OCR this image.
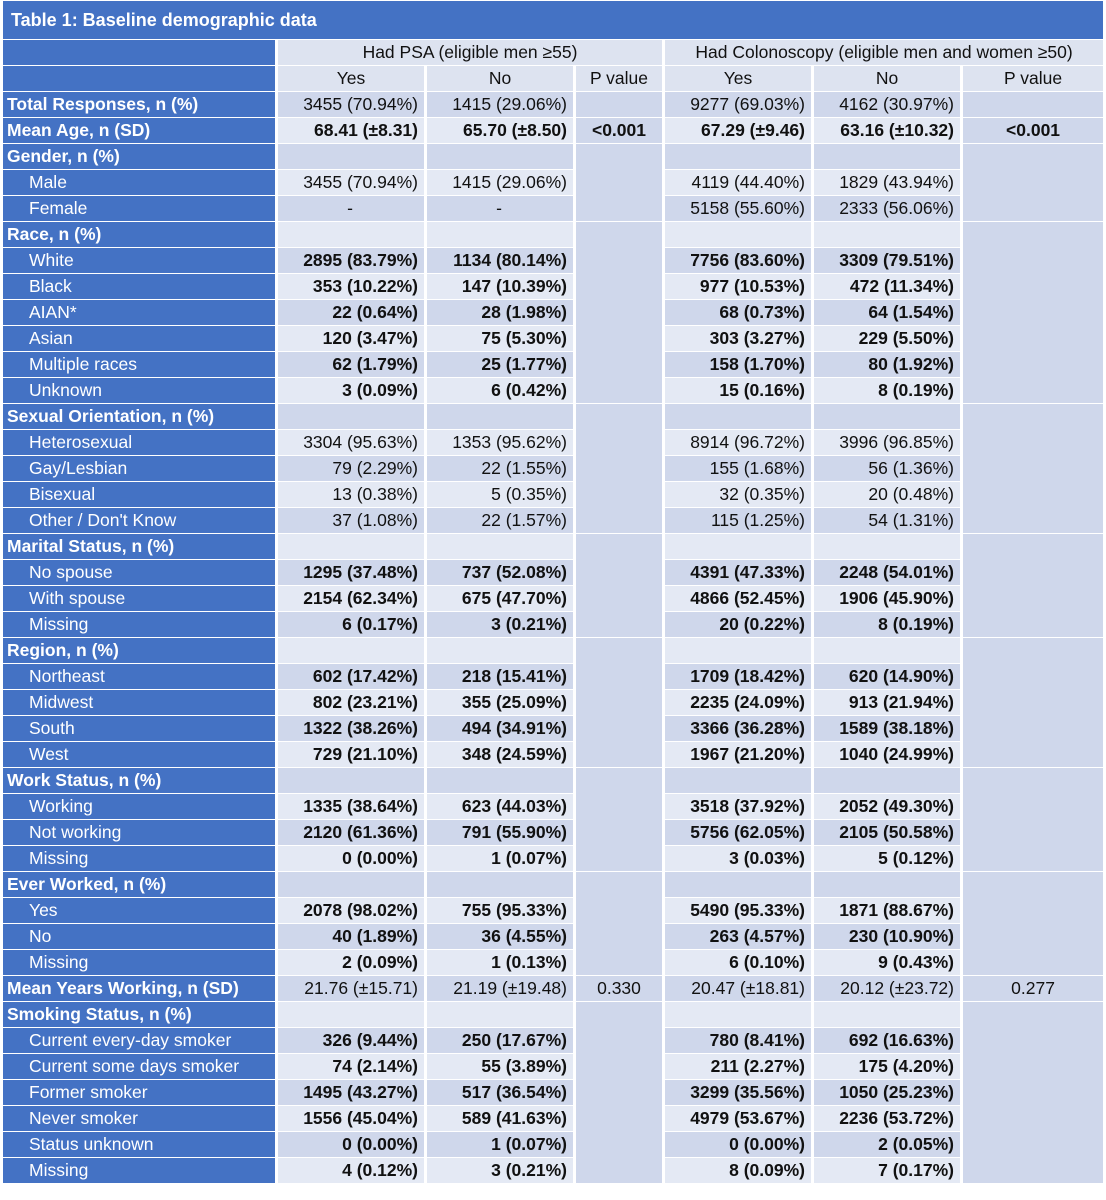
Table 1: Baseline demographic data						
	Had PSA (eligible men ≥55)			Had Colonoscopy (eligible men and women ≥50)		
	Yes	No	P value	Yes	No	P value
Total Responses, n (%)	3455 (70.94%)	1415 (29.06%)		9277 (69.03%)	4162 (30.97%)	
Mean Age, n (SD)	68.41 (±8.31)	65.70 (±8.50)	<0.001	67.29 (±9.46)	63.16 (±10.32)	<0.001
Gender, n (%)						
Male	3455 (70.94%)	1415 (29.06%)		4119 (44.40%)	1829 (43.94%)	
Female	-	-		5158 (55.60%)	2333 (56.06%)	
Race, n (%)						
White	2895 (83.79%)	1134 (80.14%)		7756 (83.60%)	3309 (79.51%)	
Black	353 (10.22%)	147 (10.39%)		977 (10.53%)	472 (11.34%)	
AIAN*	22 (0.64%)	28 (1.98%)		68 (0.73%)	64 (1.54%)	
Asian	120 (3.47%)	75 (5.30%)		303 (3.27%)	229 (5.50%)	
Multiple races	62 (1.79%)	25 (1.77%)		158 (1.70%)	80 (1.92%)	
Unknown	3 (0.09%)	6 (0.42%)		15 (0.16%)	8 (0.19%)	
Sexual Orientation, n (%)						
Heterosexual	3304 (95.63%)	1353 (95.62%)		8914 (96.72%)	3996 (96.85%)	
Gay/Lesbian	79 (2.29%)	22 (1.55%)		155 (1.68%)	56 (1.36%)	
Bisexual	13 (0.38%)	5 (0.35%)		32 (0.35%)	20 (0.48%)	
Other / Don't Know	37 (1.08%)	22 (1.57%)		115 (1.25%)	54 (1.31%)	
Marital Status, n (%)						
No spouse	1295 (37.48%)	737 (52.08%)		4391 (47.33%)	2248 (54.01%)	
With spouse	2154 (62.34%)	675 (47.70%)		4866 (52.45%)	1906 (45.90%)	
Missing	6 (0.17%)	3 (0.21%)		20 (0.22%)	8 (0.19%)	
Region, n (%)						
Northeast	602 (17.42%)	218 (15.41%)		1709 (18.42%)	620 (14.90%)	
Midwest	802 (23.21%)	355 (25.09%)		2235 (24.09%)	913 (21.94%)	
South	1322 (38.26%)	494 (34.91%)		3366 (36.28%)	1589 (38.18%)	
West	729 (21.10%)	348 (24.59%)		1967 (21.20%)	1040 (24.99%)	
Work Status, n (%)						
Working	1335 (38.64%)	623 (44.03%)		3518 (37.92%)	2052 (49.30%)	
Not working	2120 (61.36%)	791 (55.90%)		5756 (62.05%)	2105 (50.58%)	
Missing	0 (0.00%)	1 (0.07%)		3 (0.03%)	5 (0.12%)	
Ever Worked, n (%)						
Yes	2078 (98.02%)	755 (95.33%)		5490 (95.33%)	1871 (88.67%)	
No	40 (1.89%)	36 (4.55%)		263 (4.57%)	230 (10.90%)	
Missing	2 (0.09%)	1 (0.13%)		6 (0.10%)	9 (0.43%)	
Mean Years Working, n (SD)	21.76 (±15.71)	21.19 (±19.48)	0.330	20.47 (±18.81)	20.12 (±23.72)	0.277
Smoking Status, n (%)						
Current every-day smoker	326 (9.44%)	250 (17.67%)		780 (8.41%)	692 (16.63%)	
Current some days smoker	74 (2.14%)	55 (3.89%)		211 (2.27%)	175 (4.20%)	
Former smoker	1495 (43.27%)	517 (36.54%)		3299 (35.56%)	1050 (25.23%)	
Never smoker	1556 (45.04%)	589 (41.63%)		4979 (53.67%)	2236 (53.72%)	
Status unknown	0 (0.00%)	1 (0.07%)		0 (0.00%)	2 (0.05%)	
Missing	4 (0.12%)	3 (0.21%)		8 (0.09%)	7 (0.17%)	
